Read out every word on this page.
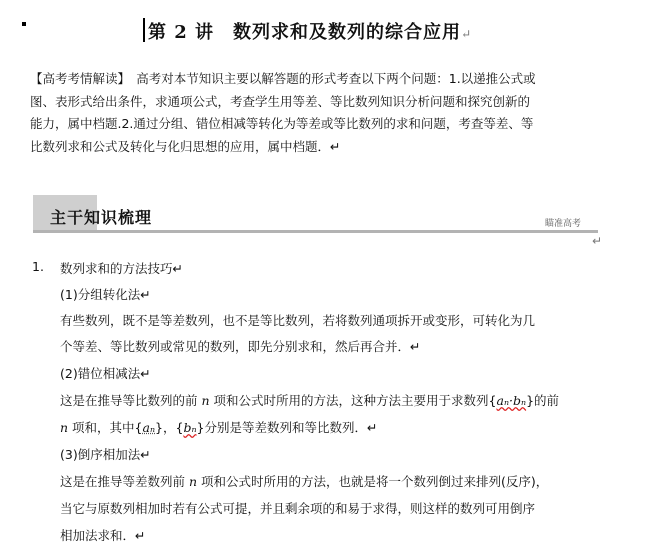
第 2 讲　数列求和及数列的综合应用↵

【高考考情解读】　高考对本节知识主要以解答题的形式考查以下两个问题：1.以递推公式或

图、表形式给出条件，求通项公式，考查学生用等差、等比数列知识分析问题和探究创新的

能力，属中档题.2.通过分组、错位相减等转化为等差或等比数列的求和问题，考查等差、等

比数列求和公式及转化与化归思想的应用，属中档题．↵

主干知识梳理	瞄准高考
↵
1. 数列求和的方法技巧↵
(1)分组转化法↵
有些数列，既不是等差数列，也不是等比数列，若将数列通项拆开或变形，可转化为几
个等差、等比数列或常见的数列，即先分别求和，然后再合并．↵
(2)错位相减法↵
这是在推导等比数列的前 n 项和公式时所用的方法，这种方法主要用于求数列{aₙ·bₙ}的前
n 项和，其中{aₙ}，{bₙ}分别是等差数列和等比数列．↵
(3)倒序相加法↵
这是在推导等差数列前 n 项和公式时所用的方法，也就是将一个数列倒过来排列(反序)，
当它与原数列相加时若有公式可提，并且剩余项的和易于求得，则这样的数列可用倒序
相加法求和．↵
